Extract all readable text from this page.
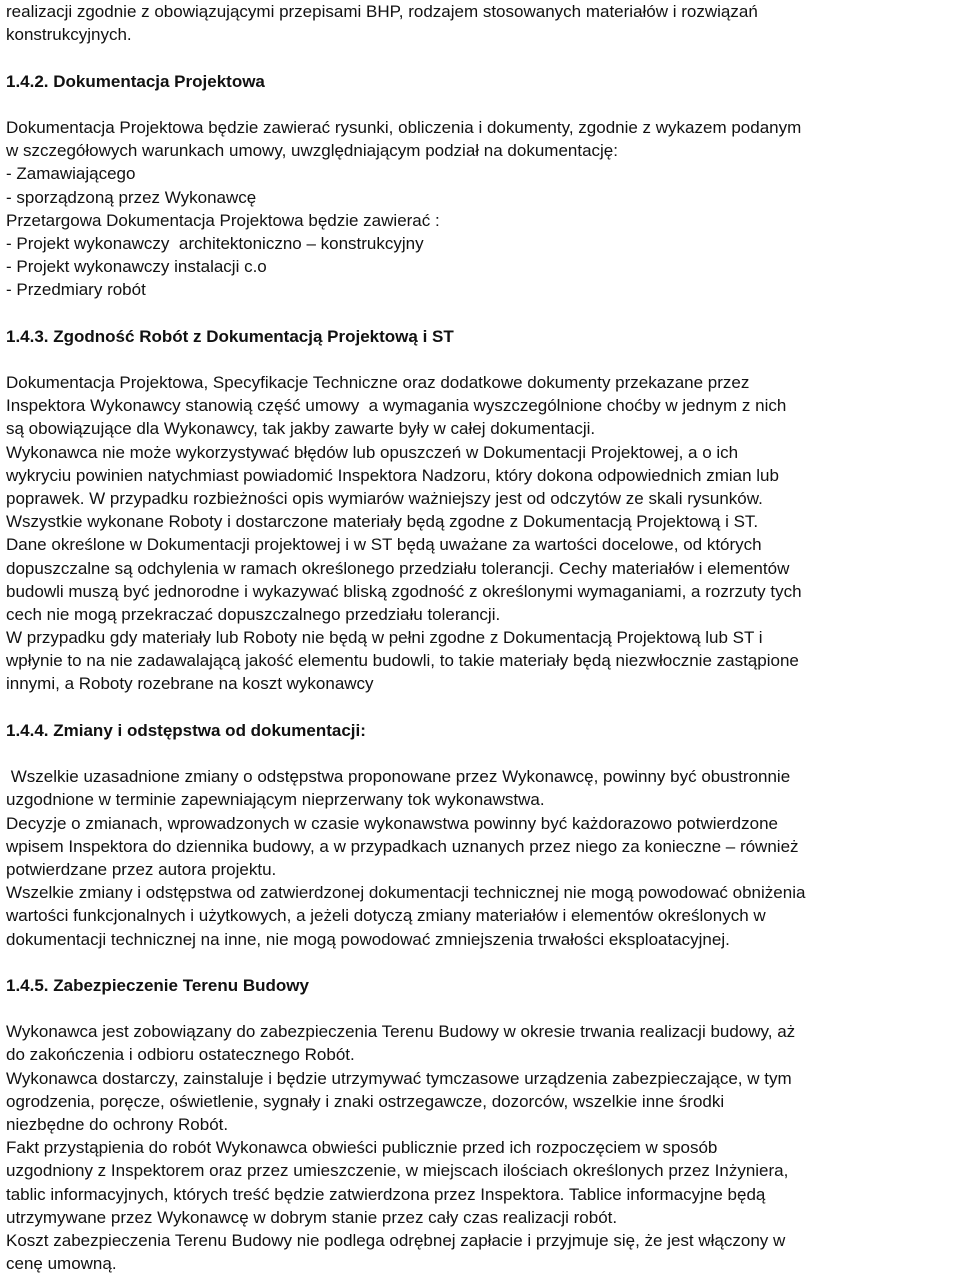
realizacji zgodnie z obowiązującymi przepisami BHP, rodzajem stosowanych materiałów i rozwiązań
konstrukcyjnych.
1.4.2. Dokumentacja Projektowa
Dokumentacja Projektowa będzie zawierać rysunki, obliczenia i dokumenty, zgodnie z wykazem podanym
w szczegółowych warunkach umowy, uwzględniającym podział na dokumentację:
- Zamawiającego
- sporządzoną przez Wykonawcę
Przetargowa Dokumentacja Projektowa będzie zawierać :
- Projekt wykonawczy  architektoniczno – konstrukcyjny
- Projekt wykonawczy instalacji c.o
- Przedmiary robót
1.4.3. Zgodność Robót z Dokumentacją Projektową i ST
Dokumentacja Projektowa, Specyfikacje Techniczne oraz dodatkowe dokumenty przekazane przez
Inspektora Wykonawcy stanowią część umowy  a wymagania wyszczególnione choćby w jednym z nich
są obowiązujące dla Wykonawcy, tak jakby zawarte były w całej dokumentacji.
Wykonawca nie może wykorzystywać błędów lub opuszczeń w Dokumentacji Projektowej, a o ich
wykryciu powinien natychmiast powiadomić Inspektora Nadzoru, który dokona odpowiednich zmian lub
poprawek. W przypadku rozbieżności opis wymiarów ważniejszy jest od odczytów ze skali rysunków.
Wszystkie wykonane Roboty i dostarczone materiały będą zgodne z Dokumentacją Projektową i ST.
Dane określone w Dokumentacji projektowej i w ST będą uważane za wartości docelowe, od których
dopuszczalne są odchylenia w ramach określonego przedziału tolerancji. Cechy materiałów i elementów
budowli muszą być jednorodne i wykazywać bliską zgodność z określonymi wymaganiami, a rozrzuty tych
cech nie mogą przekraczać dopuszczalnego przedziału tolerancji.
W przypadku gdy materiały lub Roboty nie będą w pełni zgodne z Dokumentacją Projektową lub ST i
wpłynie to na nie zadawalającą jakość elementu budowli, to takie materiały będą niezwłocznie zastąpione
innymi, a Roboty rozebrane na koszt wykonawcy
1.4.4. Zmiany i odstępstwa od dokumentacji:
Wszelkie uzasadnione zmiany o odstępstwa proponowane przez Wykonawcę, powinny być obustronnie
uzgodnione w terminie zapewniającym nieprzerwany tok wykonawstwa.
Decyzje o zmianach, wprowadzonych w czasie wykonawstwa powinny być każdorazowo potwierdzone
wpisem Inspektora do dziennika budowy, a w przypadkach uznanych przez niego za konieczne – również
potwierdzane przez autora projektu.
Wszelkie zmiany i odstępstwa od zatwierdzonej dokumentacji technicznej nie mogą powodować obniżenia
wartości funkcjonalnych i użytkowych, a jeżeli dotyczą zmiany materiałów i elementów określonych w
dokumentacji technicznej na inne, nie mogą powodować zmniejszenia trwałości eksploatacyjnej.
1.4.5. Zabezpieczenie Terenu Budowy
Wykonawca jest zobowiązany do zabezpieczenia Terenu Budowy w okresie trwania realizacji budowy, aż
do zakończenia i odbioru ostatecznego Robót.
Wykonawca dostarczy, zainstaluje i będzie utrzymywać tymczasowe urządzenia zabezpieczające, w tym
ogrodzenia, poręcze, oświetlenie, sygnały i znaki ostrzegawcze, dozorców, wszelkie inne środki
niezbędne do ochrony Robót.
Fakt przystąpienia do robót Wykonawca obwieści publicznie przed ich rozpoczęciem w sposób
uzgodniony z Inspektorem oraz przez umieszczenie, w miejscach ilościach określonych przez Inżyniera,
tablic informacyjnych, których treść będzie zatwierdzona przez Inspektora. Tablice informacyjne będą
utrzymywane przez Wykonawcę w dobrym stanie przez cały czas realizacji robót.
Koszt zabezpieczenia Terenu Budowy nie podlega odrębnej zapłacie i przyjmuje się, że jest włączony w
cenę umowną.
